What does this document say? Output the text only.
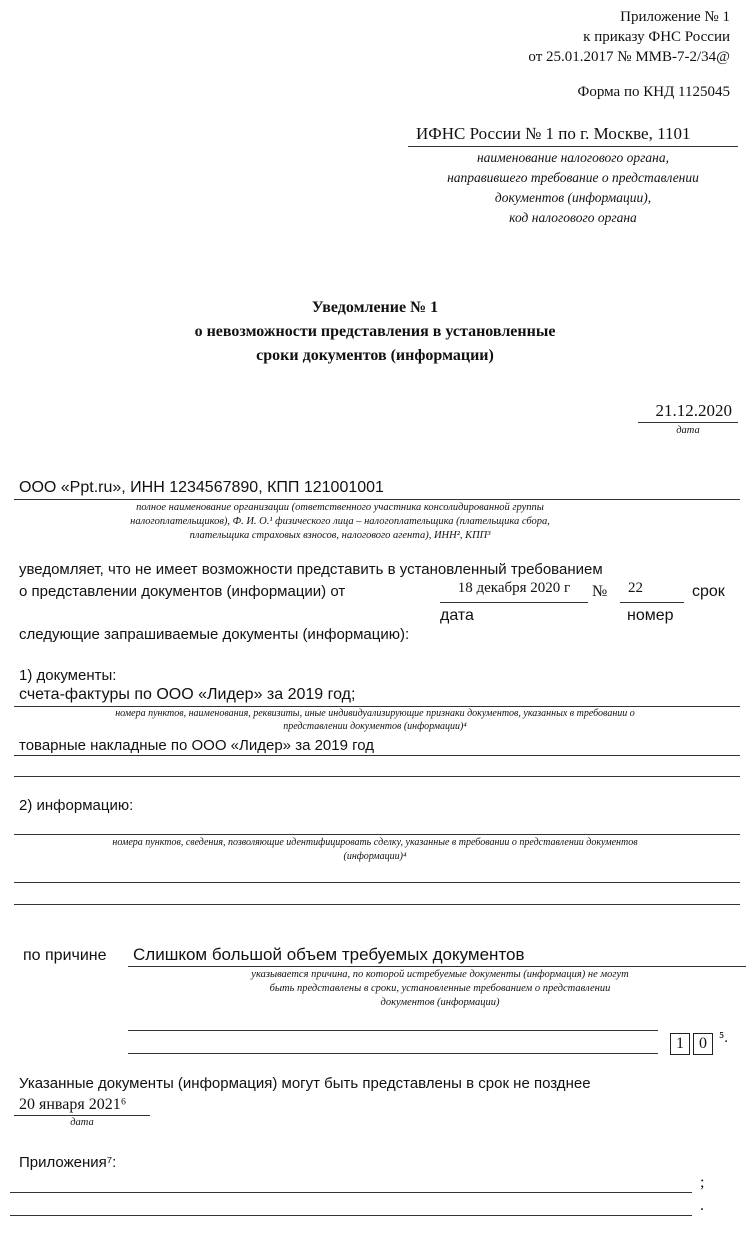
Приложение № 1
к приказу ФНС России
от 25.01.2017 № ММВ-7-2/34@
Форма по КНД 1125045
ИФНС России № 1 по г. Москве, 1101
наименование налогового органа,
направившего требование о представлении
документов (информации),
код налогового органа
Уведомление № 1
о невозможности представления в установленные
сроки документов (информации)
21.12.2020
дата
ООО «Ppt.ru», ИНН 1234567890, КПП 121001001
полное наименование организации (ответственного участника консолидированной группы
налогоплательщиков), Ф. И. О.¹ физического лица – налогоплательщика (плательщика сбора,
плательщика страховых взносов, налогового агента), ИНН², КПП³
уведомляет, что не имеет возможности представить в установленный требованием
о представлении документов (информации) от	18 декабря 2020 г
дата
№ 22
номер
срок
следующие запрашиваемые документы (информацию):
1) документы:
счета-фактуры по ООО «Лидер» за 2019 год;
номера пунктов, наименования, реквизиты, иные индивидуализирующие признаки документов, указанных в требовании о
представлении документов (информации)⁴
товарные накладные по ООО «Лидер» за 2019 год
2) информацию:
номера пунктов, сведения, позволяющие идентифицировать сделку, указанные в требовании о представлении документов
(информации)⁴
по причине Слишком большой объем требуемых документов
указывается причина, по которой истребуемые документы (информация) не могут
быть представлены в сроки, установленные требованием о представлении
документов (информации)
1 0 ⁵.
Указанные документы (информация) могут быть представлены в срок не позднее
20 января 2021⁶
дата
Приложения⁷:
;
.
